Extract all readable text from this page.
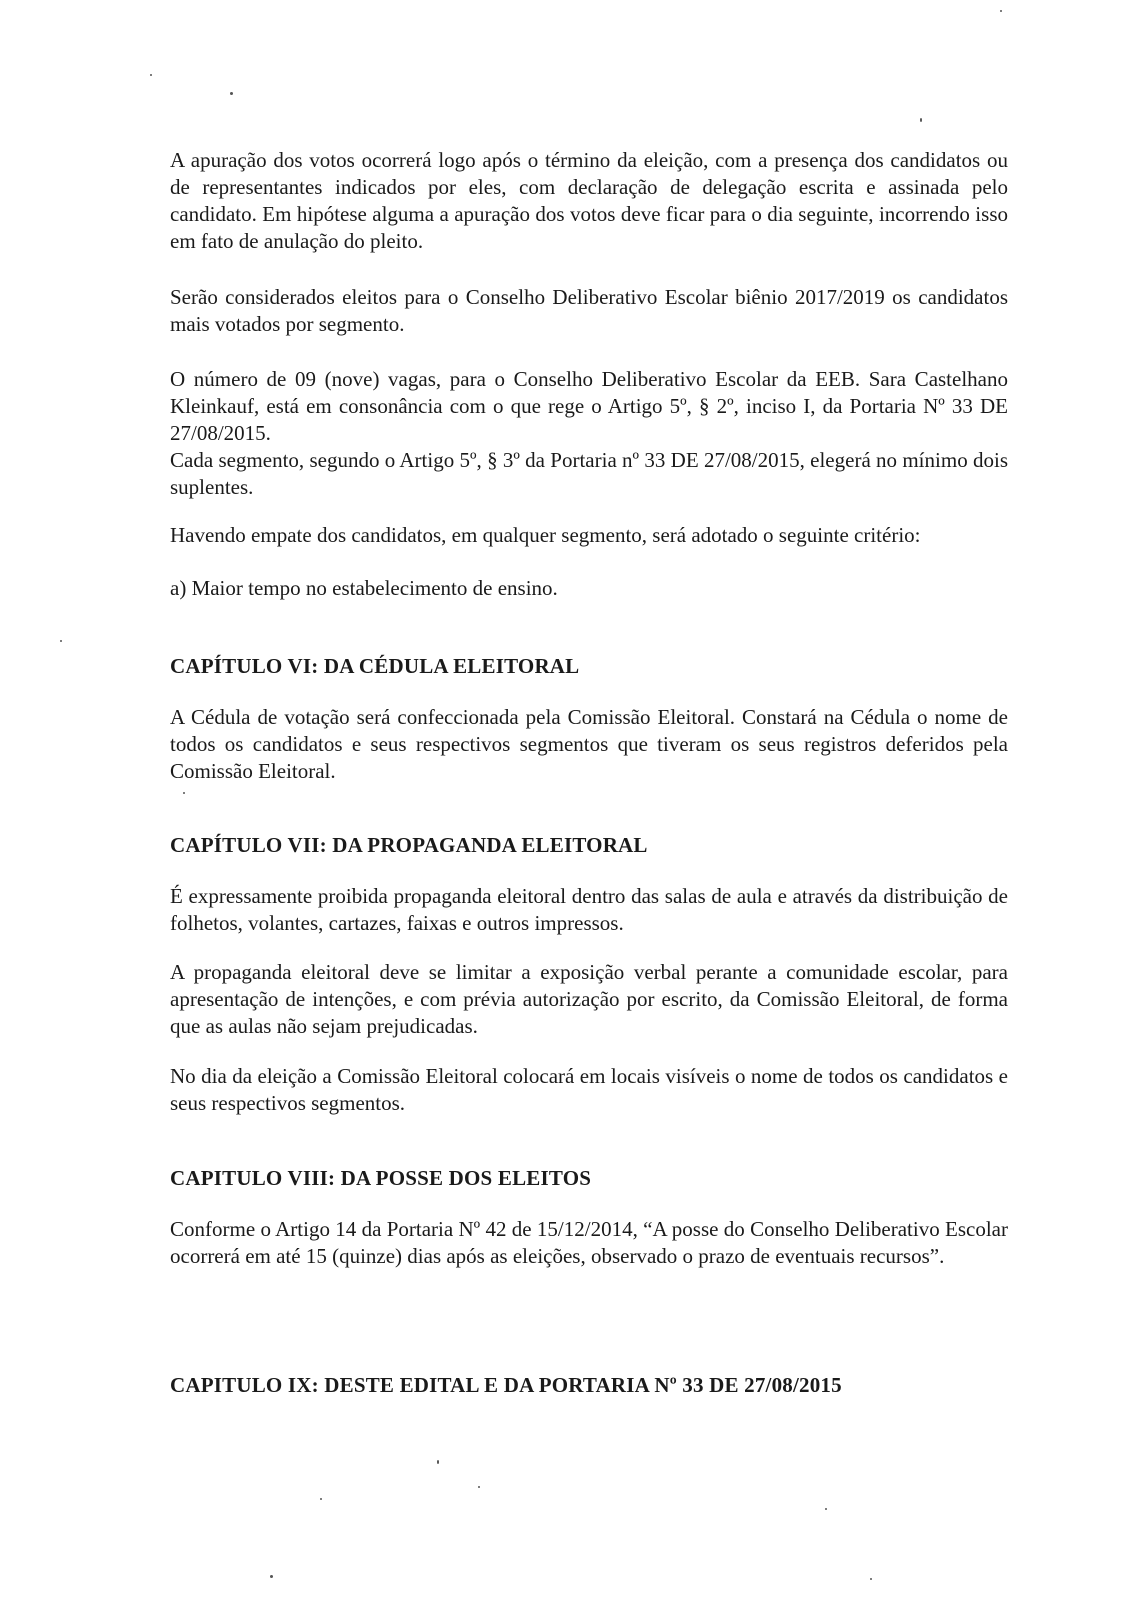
A apuração dos votos ocorrerá logo após o término da eleição, com a presença dos candidatos ou de representantes indicados por eles, com declaração de delegação escrita e assinada pelo candidato. Em hipótese alguma a apuração dos votos deve ficar para o dia seguinte, incorrendo isso em fato de anulação do pleito.

Serão considerados eleitos para o Conselho Deliberativo Escolar biênio 2017/2019 os candidatos mais votados por segmento.

O número de 09 (nove) vagas, para o Conselho Deliberativo Escolar da EEB. Sara Castelhano Kleinkauf, está em consonância com o que rege o Artigo 5º, § 2º, inciso I, da Portaria Nº 33 DE 27/08/2015.

Cada segmento, segundo o Artigo 5º, § 3º da Portaria nº 33 DE 27/08/2015, elegerá no mínimo dois suplentes.

Havendo empate dos candidatos, em qualquer segmento, será adotado o seguinte critério:

a) Maior tempo no estabelecimento de ensino.

CAPÍTULO VI: DA CÉDULA ELEITORAL

A Cédula de votação será confeccionada pela Comissão Eleitoral. Constará na Cédula o nome de todos os candidatos e seus respectivos segmentos que tiveram os seus registros deferidos pela Comissão Eleitoral.

CAPÍTULO VII: DA PROPAGANDA ELEITORAL

É expressamente proibida propaganda eleitoral dentro das salas de aula e através da distribuição de folhetos, volantes, cartazes, faixas e outros impressos.

A propaganda eleitoral deve se limitar a exposição verbal perante a comunidade escolar, para apresentação de intenções, e com prévia autorização por escrito, da Comissão Eleitoral, de forma que as aulas não sejam prejudicadas.

No dia da eleição a Comissão Eleitoral colocará em locais visíveis o nome de todos os candidatos e seus respectivos segmentos.

CAPITULO VIII: DA POSSE DOS ELEITOS

Conforme o Artigo 14 da Portaria Nº 42 de 15/12/2014, “A posse do Conselho Deliberativo Escolar ocorrerá em até 15 (quinze) dias após as eleições, observado o prazo de eventuais recursos”.

CAPITULO IX: DESTE EDITAL E DA PORTARIA Nº 33 DE 27/08/2015
